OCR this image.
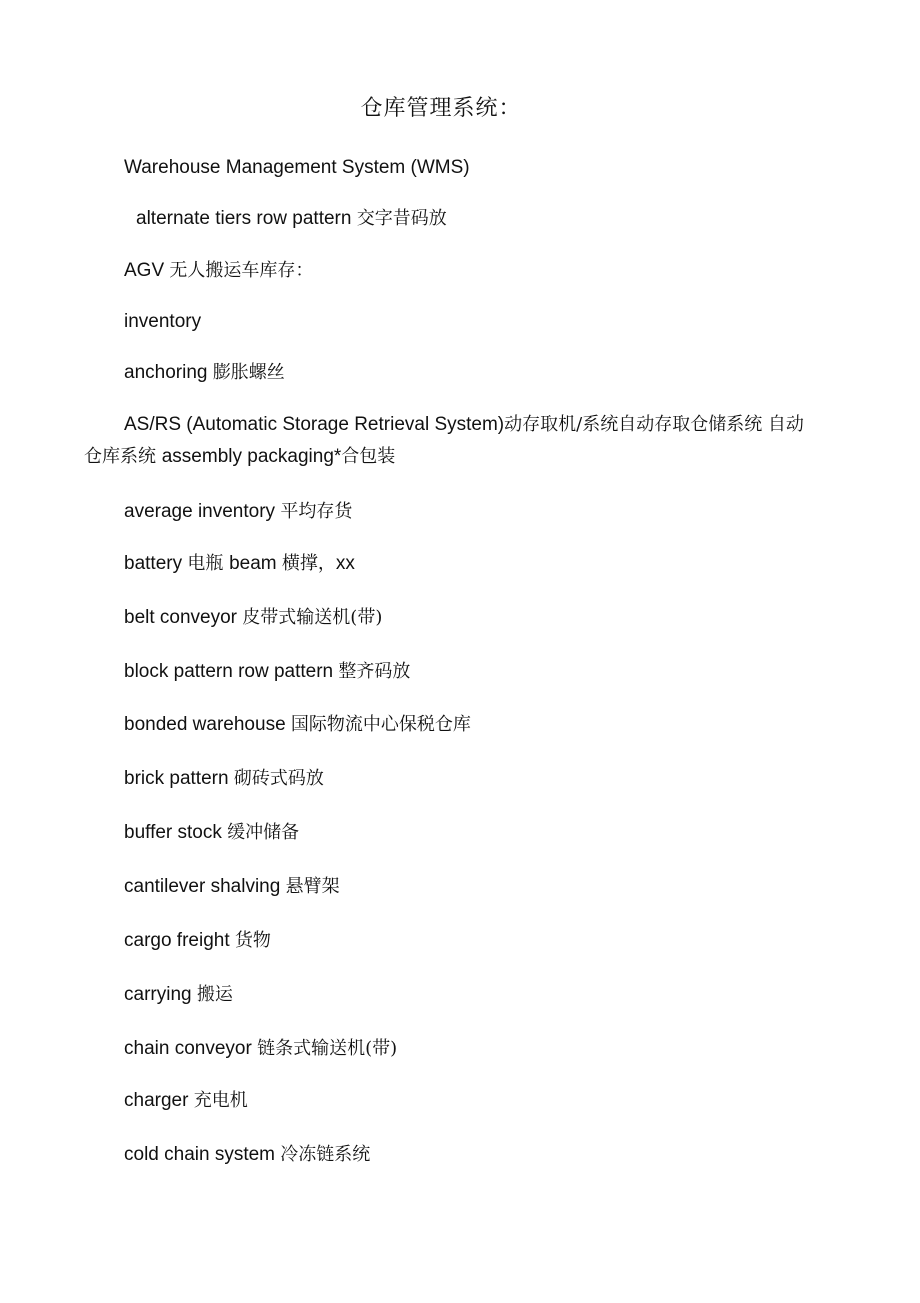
仓库管理系统：
Warehouse Management System (WMS)
alternate tiers row pattern 交字昔码放
AGV 无人搬运车库存：
inventory
anchoring 膨胀螺丝
AS/RS (Automatic Storage Retrieval System)动存取机/系统自动存取仓储系统 自动仓库系统 assembly packaging*合包装
average inventory 平均存货
battery 电瓶 beam 横撑，xx
belt conveyor 皮带式输送机(带)
block pattern row pattern 整齐码放
bonded warehouse 国际物流中心保税仓库
brick pattern 砌砖式码放
buffer stock 缓冲储备
cantilever shalving 悬臂架
cargo freight 货物
carrying 搬运
chain conveyor 链条式输送机(带)
charger 充电机
cold chain system 冷冻链系统
